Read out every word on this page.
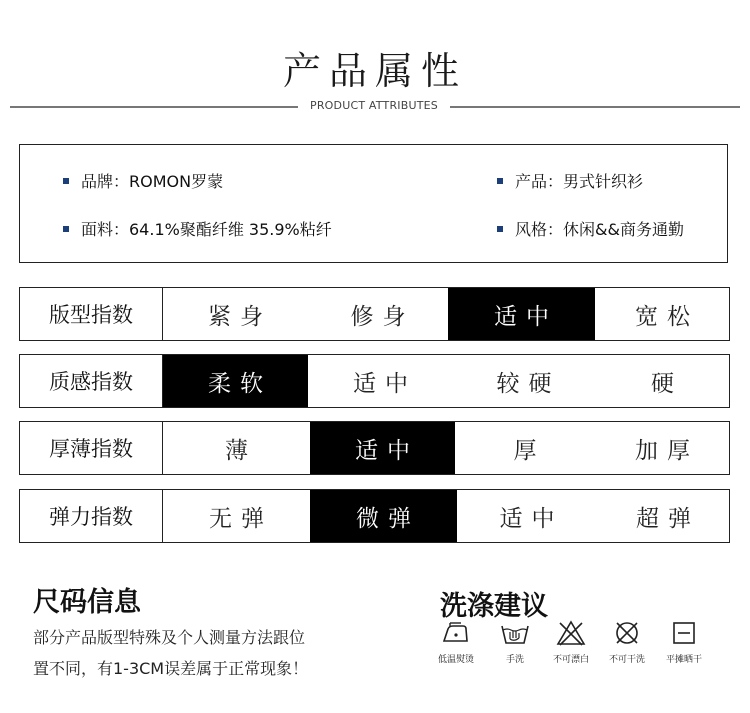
产品属性
PRODUCT ATTRIBUTES
品牌：ROMON罗蒙	产品：男式针织衫
面料：64.1%聚酯纤维 35.9%粘纤	风格：休闲&&商务通勤
版型指数	紧身	修身	适中	宽松
质感指数	柔软	适中	较硬	硬
厚薄指数	薄	适中	厚	加厚
弹力指数	无弹	微弹	适中	超弹
尺码信息
部分产品版型特殊及个人测量方法跟位
置不同，有1-3CM误差属于正常现象！
洗涤建议
低温熨烫	手洗	不可漂白	不可干洗	平摊晒干
